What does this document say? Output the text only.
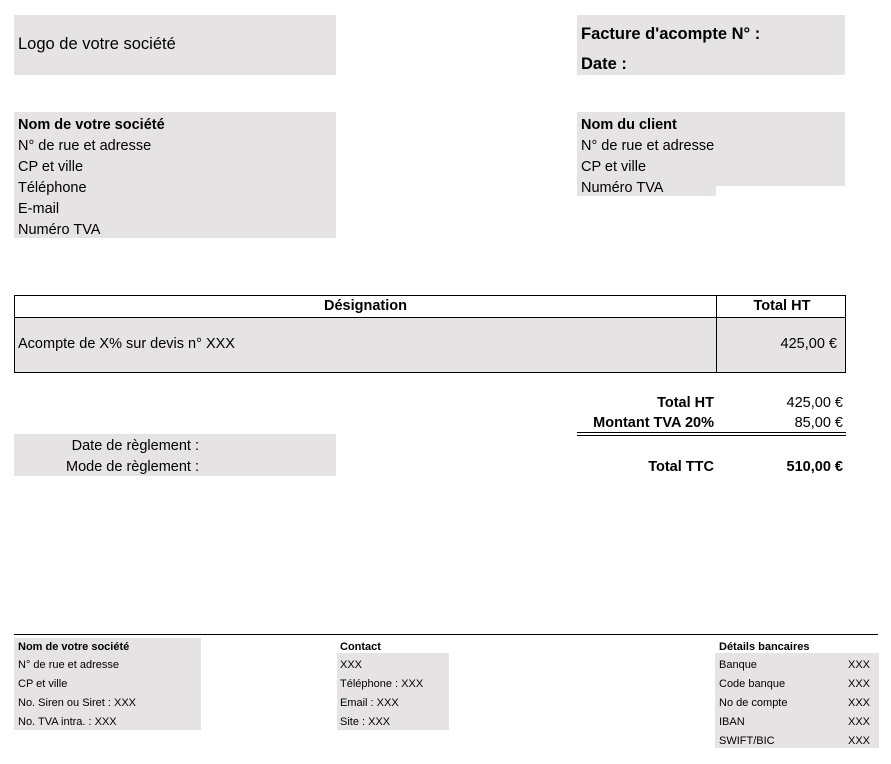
Logo de votre société
Facture d'acompte N° :
Date :
Nom de votre société
N° de rue et adresse
CP et ville
Téléphone
E-mail
Numéro TVA
Nom du client
N° de rue et adresse
CP et ville
Numéro TVA
Désignation	Total HT
Acompte de X% sur devis n° XXX	425,00 €
Total HT	425,00 €
Montant TVA 20%	85,00 €
Total TTC	510,00 €
Date de règlement :
Mode de règlement :
Nom de votre société
N° de rue et adresse
CP et ville
No. Siren ou Siret : XXX
No. TVA intra. : XXX
Contact
XXX
Téléphone : XXX
Email : XXX
Site : XXX
Détails bancaires
Banque	XXX
Code banque	XXX
No de compte	XXX
IBAN	XXX
SWIFT/BIC	XXX
